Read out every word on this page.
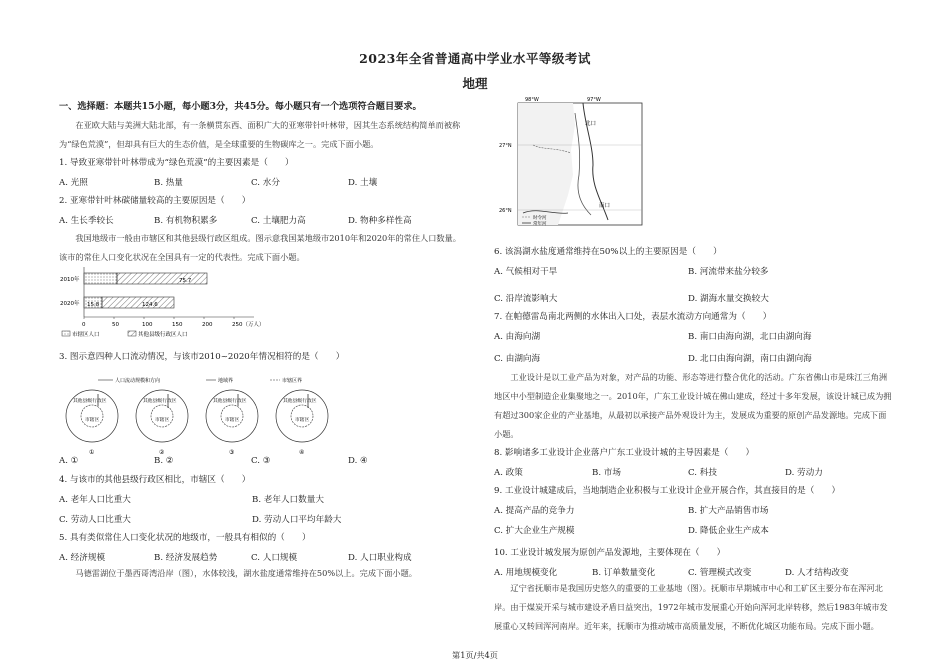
2023年全省普通高中学业水平等级考试
地理
一、选择题：本题共15小题，每小题3分，共45分。每小题只有一个选项符合题目要求。
在亚欧大陆与美洲大陆北部，有一条横贯东西、面积广大的亚寒带针叶林带，因其生态系统结构简单而被称为“绿色荒漠”，但却具有巨大的生态价值，是全球重要的生物碳库之一。完成下面小题。
1. 导致亚寒带针叶林带成为“绿色荒漠”的主要因素是（　　）
A. 光照	B. 热量	C. 水分	D. 土壤
2. 亚寒带针叶林碳储量较高的主要原因是（　　）
A. 生长季较长	B. 有机物积累多	C. 土壤肥力高	D. 物种多样性高
我国地级市一般由市辖区和其他县级行政区组成。图示意我国某地级市2010年和2020年的常住人口数量。该市的常住人口变化状况在全国具有一定的代表性。完成下面小题。
2010年
2020年
75.7
15.8	124.6
0	50	100	150	200	250（万人）
市辖区人口	其他县级行政区人口
人口流动规模和方向	地域界	市辖区界
其他县级行政区
市辖区
①
其他县级行政区
市辖区
②
其他县级行政区
市辖区
③
其他县级行政区
市辖区
④
3. 图示意四种人口流动情况，与该市2010~2020年情况相符的是（　　）
A. ①	B. ②	C. ③	D. ④
4. 与该市的其他县级行政区相比，市辖区（　　）
A. 老年人口比重大	B. 老年人口数量大
C. 劳动人口比重大	D. 劳动人口平均年龄大
5. 具有类似常住人口变化状况的地级市，一般具有相似的（　　）
A. 经济规模	B. 经济发展趋势	C. 人口规模	D. 人口职业构成
马德雷湖位于墨西哥湾沿岸（图），水体较浅，湖水盐度通常维持在50%以上。完成下面小题。
98°W	97°W
27°N
26°N
北口
南口
时令河
常年河
6. 该潟湖水盐度通常维持在50%以上的主要原因是（　　）
A. 气候相对干旱	B. 河流带来盐分较多
C. 沿岸流影响大	D. 湖海水量交换较大
7. 在帕德雷岛南北两侧的水体出入口处，表层水流动方向通常为（　　）
A. 由海向湖	B. 南口由海向湖，北口由湖向海
C. 由湖向海	D. 北口由海向湖，南口由湖向海
工业设计是以工业产品为对象，对产品的功能、形态等进行整合优化的活动。广东省佛山市是珠江三角洲地区中小型制造企业集聚地之一。2010年，广东工业设计城在佛山建成，经过十多年发展，该设计城已成为拥有超过300家企业的产业基地，从最初以承接产品外观设计为主，发展成为重要的原创产品发源地。完成下面小题。
8. 影响诸多工业设计企业落户广东工业设计城的主导因素是（　　）
A. 政策	B. 市场	C. 科技	D. 劳动力
9. 工业设计城建成后，当地制造企业积极与工业设计企业开展合作，其直接目的是（　　）
A. 提高产品的竞争力	B. 扩大产品销售市场
C. 扩大企业生产规模	D. 降低企业生产成本
10. 工业设计城发展为原创产品发源地，主要体现在（　　）
A. 用地规模变化	B. 订单数量变化	C. 管理模式改变	D. 人才结构改变
辽宁省抚顺市是我国历史悠久的重要的工业基地（图）。抚顺市早期城市中心和工矿区主要分布在浑河北岸。由于煤炭开采与城市建设矛盾日益突出，1972年城市发展重心开始向浑河北岸转移，然后1983年城市发展重心又转回浑河南岸。近年来，抚顺市为推动城市高质量发展，不断优化城区功能布局。完成下面小题。
第1页/共4页
